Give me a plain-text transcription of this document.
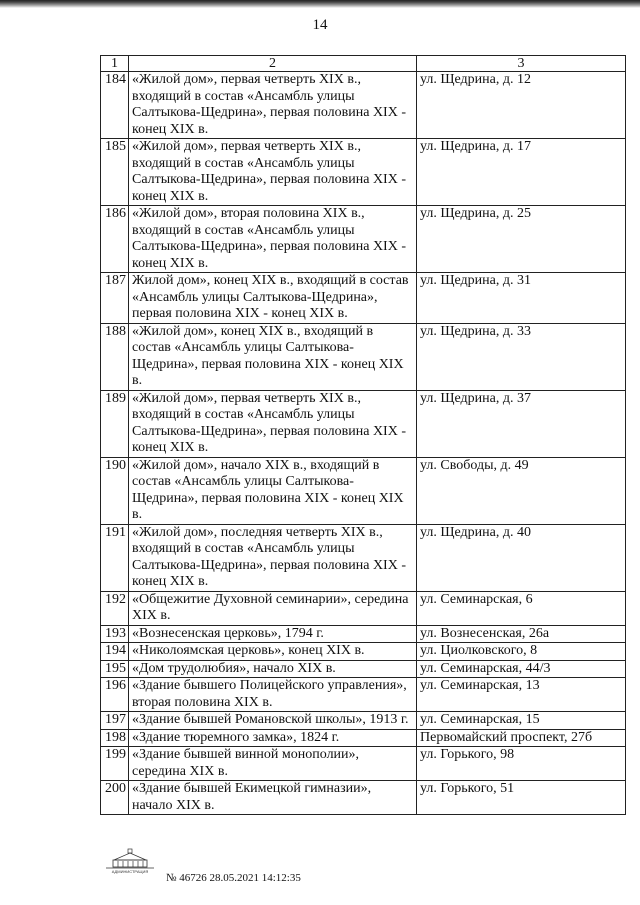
14
1	2	3
184	«Жилой дом», первая четверть XIX в., входящий в состав «Ансамбль улицы Салтыкова-Щедрина», первая половина XIX - конец XIX в.	ул. Щедрина, д. 12
185	«Жилой дом», первая четверть XIX в., входящий в состав «Ансамбль улицы Салтыкова-Щедрина», первая половина XIX - конец XIX в.	ул. Щедрина, д. 17
186	«Жилой дом», вторая половина XIX в., входящий в состав «Ансамбль улицы Салтыкова-Щедрина», первая половина XIX - конец XIX в.	ул. Щедрина, д. 25
187	Жилой дом», конец XIX в., входящий в состав «Ансамбль улицы Салтыкова-Щедрина», первая половина XIX - конец XIX в.	ул. Щедрина, д. 31
188	«Жилой дом», конец XIX в., входящий в состав «Ансамбль улицы Салтыкова-Щедрина», первая половина XIX - конец XIX в.	ул. Щедрина, д. 33
189	«Жилой дом», первая четверть XIX в., входящий в состав «Ансамбль улицы Салтыкова-Щедрина», первая половина XIX - конец XIX в.	ул. Щедрина, д. 37
190	«Жилой дом», начало XIX в., входящий в состав «Ансамбль улицы Салтыкова-Щедрина», первая половина XIX - конец XIX в.	ул. Свободы, д. 49
191	«Жилой дом», последняя четверть XIX в., входящий в состав «Ансамбль улицы Салтыкова-Щедрина», первая половина XIX - конец XIX в.	ул. Щедрина, д. 40
192	«Общежитие Духовной семинарии», середина XIX в.	ул. Семинарская, 6
193	«Вознесенская церковь», 1794 г.	ул. Вознесенская, 26а
194	«Николоямская церковь», конец XIX в.	ул. Циолковского, 8
195	«Дом трудолюбия», начало XIX в.	ул. Семинарская, 44/3
196	«Здание бывшего Полицейского управления», вторая половина XIX в.	ул. Семинарская, 13
197	«Здание бывшей Романовской школы», 1913 г.	ул. Семинарская, 15
198	«Здание тюремного замка», 1824 г.	Первомайский проспект, 27б
199	«Здание бывшей винной монополии», середина XIX в.	ул. Горького, 98
200	«Здание бывшей Екимецкой гимназии», начало XIX в.	ул. Горького, 51
АДМИНИСТРАЦИЯ
№ 46726 28.05.2021 14:12:35
